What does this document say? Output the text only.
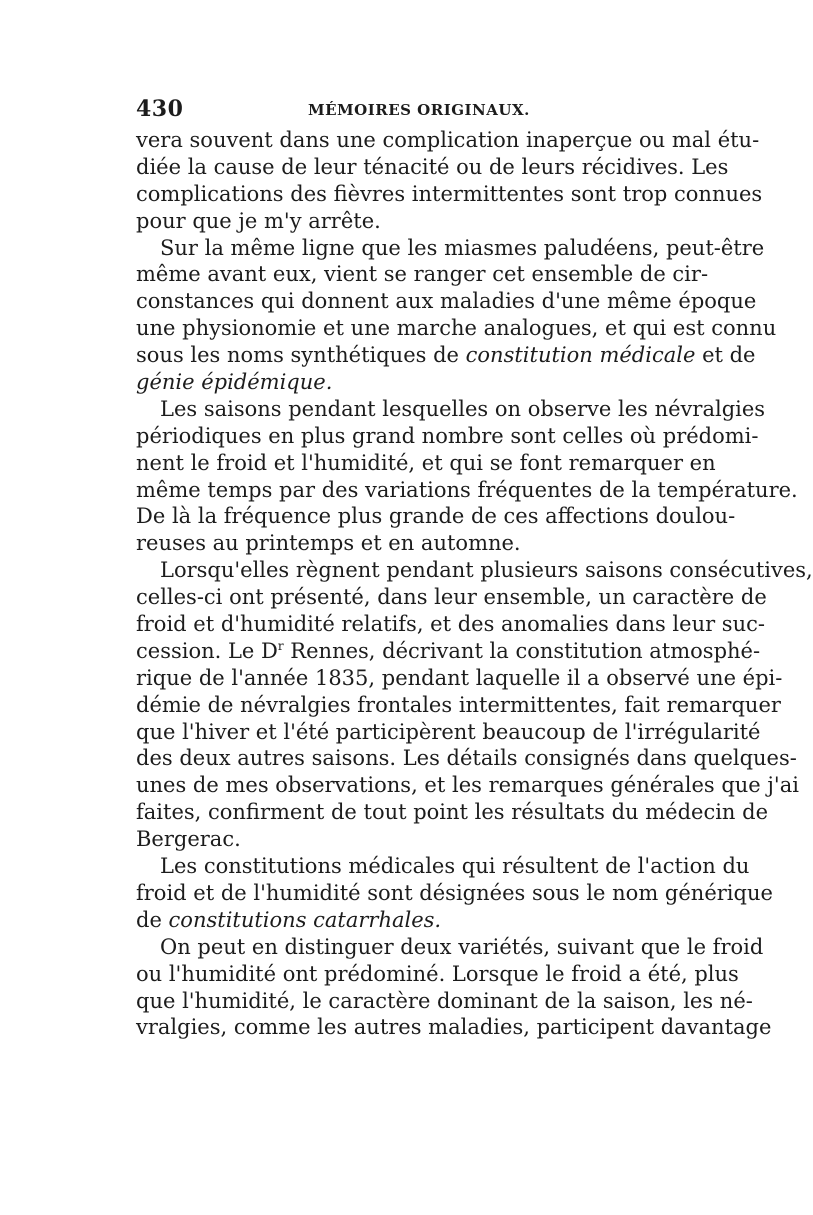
430	MÉMOIRES ORIGINAUX.
vera souvent dans une complication inaperçue ou mal étu-
diée la cause de leur ténacité ou de leurs récidives. Les
complications des fièvres intermittentes sont trop connues
pour que je m'y arrête.
Sur la même ligne que les miasmes paludéens, peut-être
même avant eux, vient se ranger cet ensemble de cir-
constances qui donnent aux maladies d'une même époque
une physionomie et une marche analogues, et qui est connu
sous les noms synthétiques de constitution médicale et de
génie épidémique.
Les saisons pendant lesquelles on observe les névralgies
périodiques en plus grand nombre sont celles où prédomi-
nent le froid et l'humidité, et qui se font remarquer en
même temps par des variations fréquentes de la température.
De là la fréquence plus grande de ces affections doulou-
reuses au printemps et en automne.
Lorsqu'elles règnent pendant plusieurs saisons consécutives,
celles-ci ont présenté, dans leur ensemble, un caractère de
froid et d'humidité relatifs, et des anomalies dans leur suc-
cession. Le $D^r$ Rennes, décrivant la constitution atmosphé-
rique de l'année 1835, pendant laquelle il a observé une épi-
démie de névralgies frontales intermittentes, fait remarquer
que l'hiver et l'été participèrent beaucoup de l'irrégularité
des deux autres saisons. Les détails consignés dans quelques-
unes de mes observations, et les remarques générales que j'ai
faites, confirment de tout point les résultats du médecin de
Bergerac.
Les constitutions médicales qui résultent de l'action du
froid et de l'humidité sont désignées sous le nom générique
de constitutions catarrhales.
On peut en distinguer deux variétés, suivant que le froid
ou l'humidité ont prédominé. Lorsque le froid a été, plus
que l'humidité, le caractère dominant de la saison, les né-
vralgies, comme les autres maladies, participent davantage
